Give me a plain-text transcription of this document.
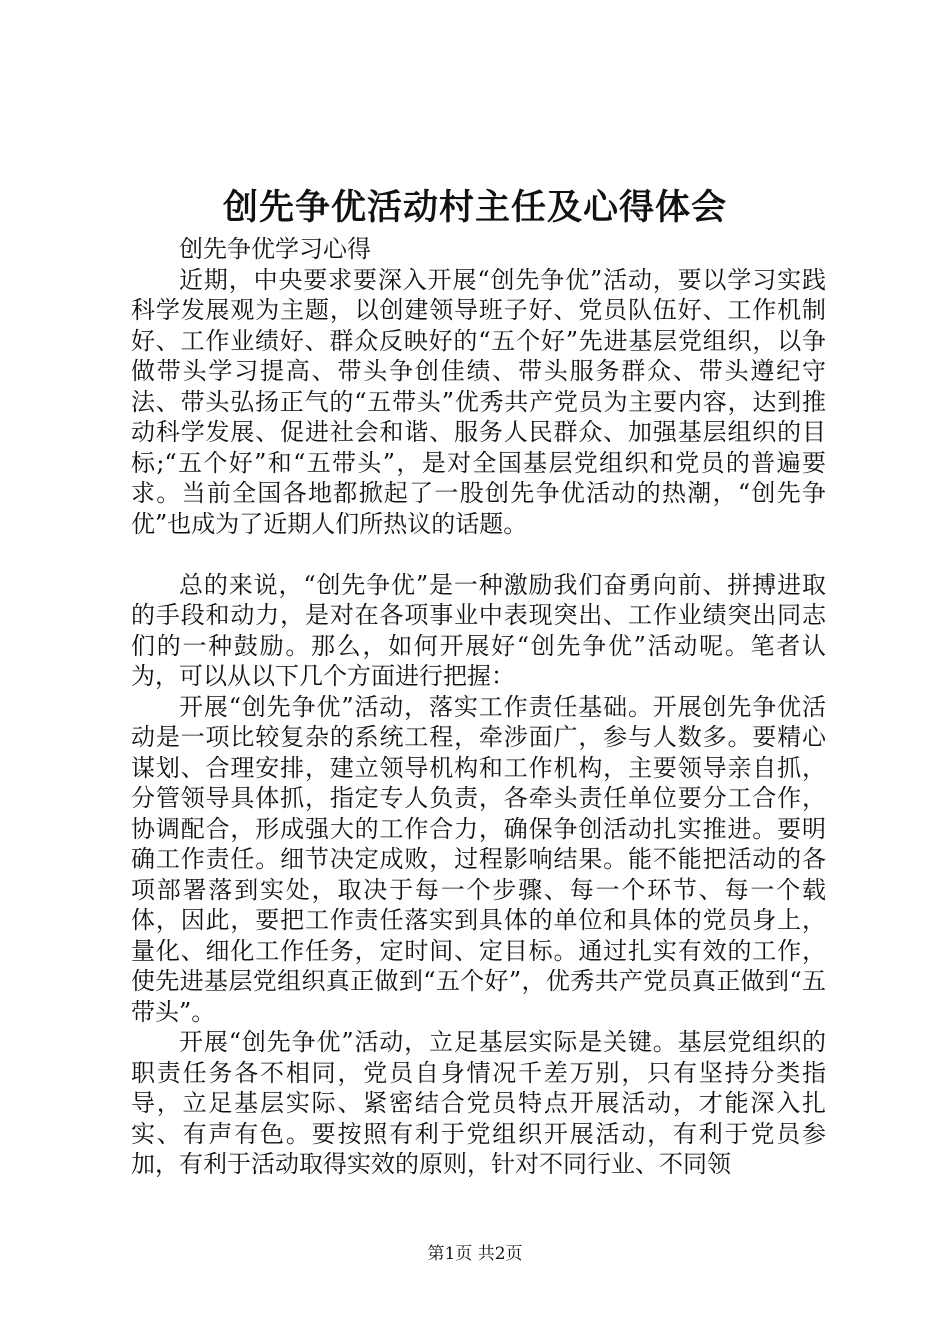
创先争优活动村主任及心得体会

创先争优学习心得

近期，中央要求要深入开展“创先争优”活动，要以学习实践科学发展观为主题，以创建领导班子好、党员队伍好、工作机制好、工作业绩好、群众反映好的“五个好”先进基层党组织，以争做带头学习提高、带头争创佳绩、带头服务群众、带头遵纪守法、带头弘扬正气的“五带头”优秀共产党员为主要内容，达到推动科学发展、促进社会和谐、服务人民群众、加强基层组织的目标;“五个好”和“五带头”，是对全国基层党组织和党员的普遍要求。当前全国各地都掀起了一股创先争优活动的热潮，“创先争优”也成为了近期人们所热议的话题。

总的来说，“创先争优”是一种激励我们奋勇向前、拼搏进取的手段和动力，是对在各项事业中表现突出、工作业绩突出同志们的一种鼓励。那么，如何开展好“创先争优”活动呢。笔者认为，可以从以下几个方面进行把握：

开展“创先争优”活动，落实工作责任基础。开展创先争优活动是一项比较复杂的系统工程，牵涉面广，参与人数多。要精心谋划、合理安排，建立领导机构和工作机构，主要领导亲自抓，分管领导具体抓，指定专人负责，各牵头责任单位要分工合作，协调配合，形成强大的工作合力，确保争创活动扎实推进。要明确工作责任。细节决定成败，过程影响结果。能不能把活动的各项部署落到实处，取决于每一个步骤、每一个环节、每一个载体，因此，要把工作责任落实到具体的单位和具体的党员身上，量化、细化工作任务，定时间、定目标。通过扎实有效的工作，使先进基层党组织真正做到“五个好”，优秀共产党员真正做到“五带头”。

开展“创先争优”活动，立足基层实际是关键。基层党组织的职责任务各不相同，党员自身情况千差万别，只有坚持分类指导，立足基层实际、紧密结合党员特点开展活动，才能深入扎实、有声有色。要按照有利于党组织开展活动，有利于党员参加，有利于活动取得实效的原则，针对不同行业、不同领

第1页 共2页
